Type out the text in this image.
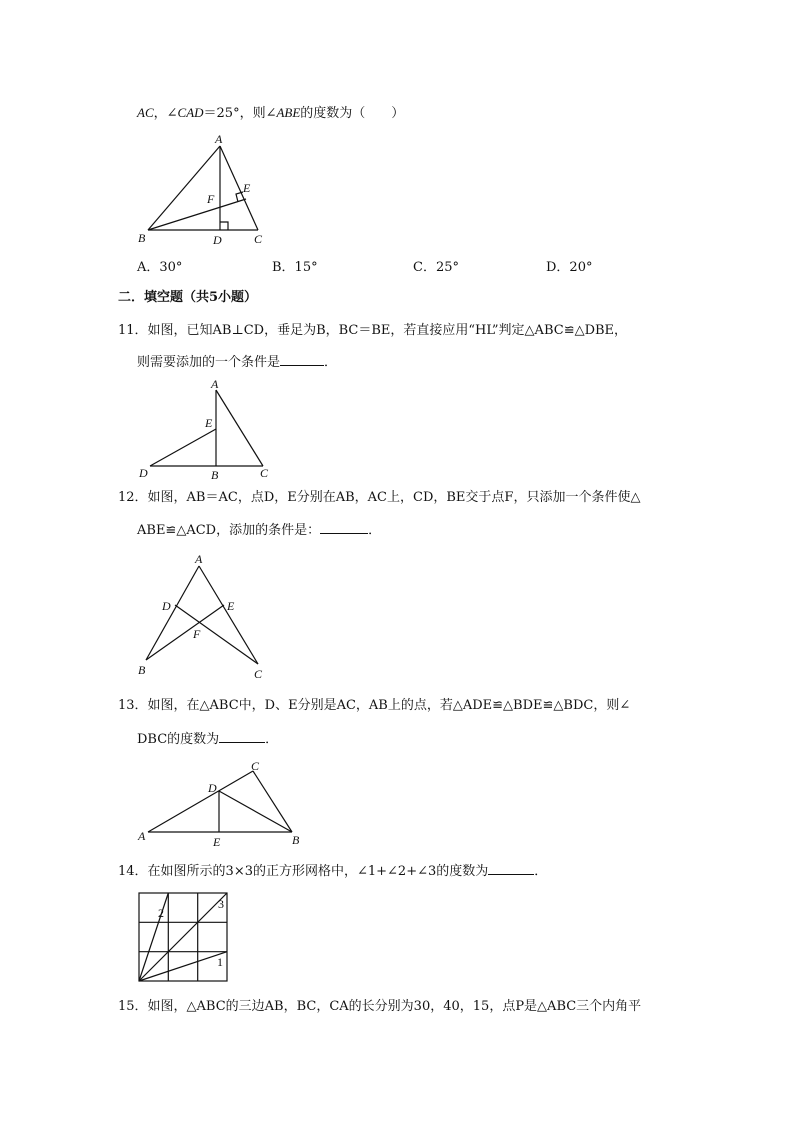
AC，∠CAD＝25°，则∠ABE的度数为（　　）
A
E
F
B	D	C
A．30°	B．15°	C．25°	D．20°
二．填空题（共5小题）
11．如图，已知AB⊥CD，垂足为B，BC＝BE，若直接应用“HL”判定△ABC≌△DBE，
则需要添加的一个条件是	．
A
E
D	B	C
12．如图，AB＝AC，点D，E分别在AB，AC上，CD，BE交于点F，只添加一个条件使△
ABE≌△ACD，添加的条件是：	．
A
D	E
F
B	C
13．如图，在△ABC中，D、E分别是AC，AB上的点，若△ADE≌△BDE≌△BDC，则∠
DBC的度数为	．
C
D
A	E	B
14．在如图所示的3×3的正方形网格中，∠1+∠2+∠3的度数为	．
2
3
1
15．如图，△ABC的三边AB，BC，CA的长分别为30，40，15，点P是△ABC三个内角平
